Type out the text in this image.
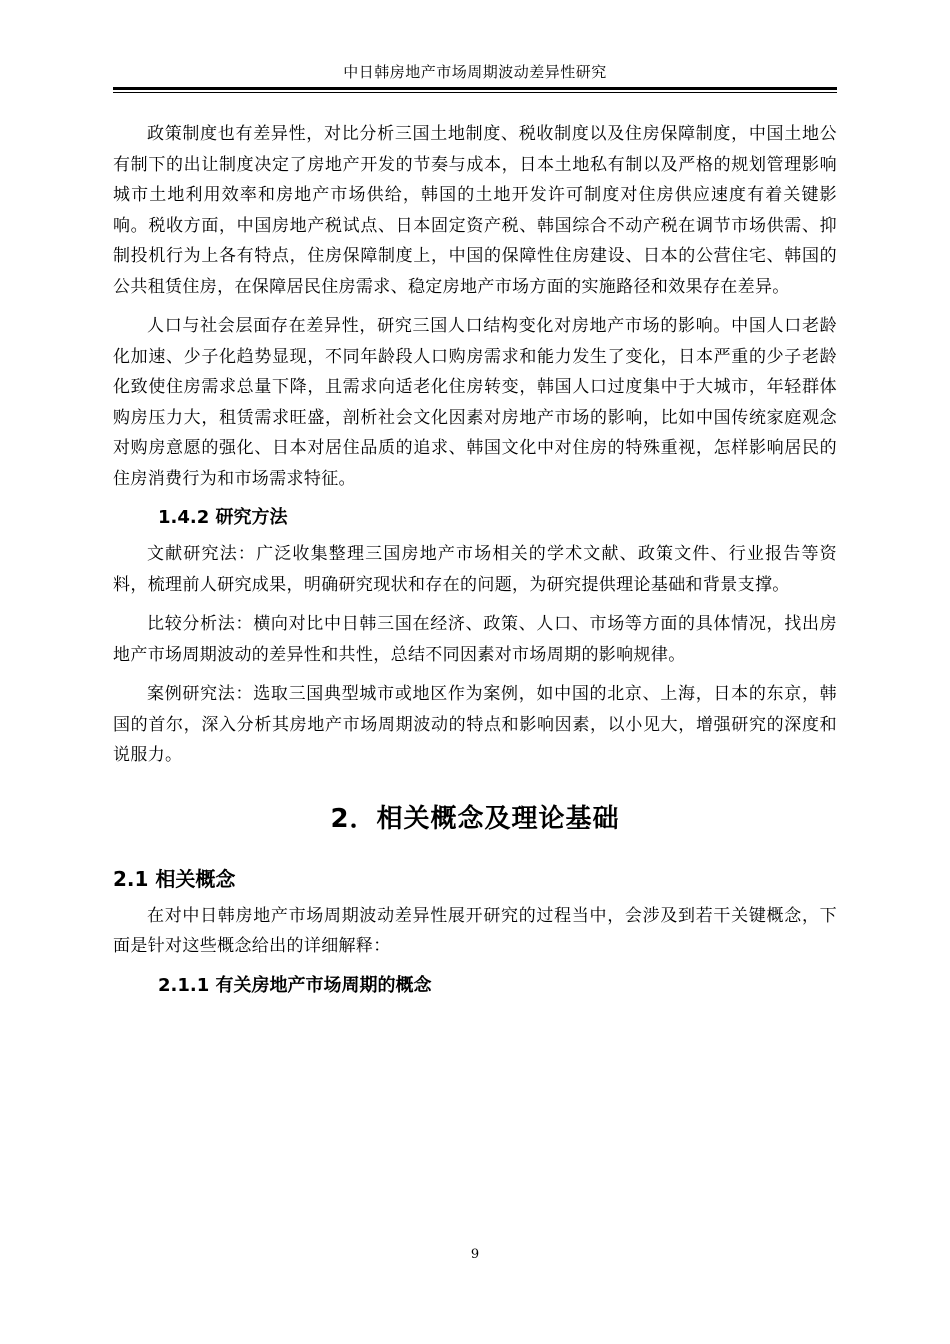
中日韩房地产市场周期波动差异性研究

政策制度也有差异性，对比分析三国土地制度、税收制度以及住房保障制度，中国土地公有制下的出让制度决定了房地产开发的节奏与成本，日本土地私有制以及严格的规划管理影响城市土地利用效率和房地产市场供给，韩国的土地开发许可制度对住房供应速度有着关键影响。税收方面，中国房地产税试点、日本固定资产税、韩国综合不动产税在调节市场供需、抑制投机行为上各有特点，住房保障制度上，中国的保障性住房建设、日本的公营住宅、韩国的公共租赁住房，在保障居民住房需求、稳定房地产市场方面的实施路径和效果存在差异。

人口与社会层面存在差异性，研究三国人口结构变化对房地产市场的影响。中国人口老龄化加速、少子化趋势显现，不同年龄段人口购房需求和能力发生了变化，日本严重的少子老龄化致使住房需求总量下降，且需求向适老化住房转变，韩国人口过度集中于大城市，年轻群体购房压力大，租赁需求旺盛，剖析社会文化因素对房地产市场的影响，比如中国传统家庭观念对购房意愿的强化、日本对居住品质的追求、韩国文化中对住房的特殊重视，怎样影响居民的住房消费行为和市场需求特征。

1.4.2 研究方法

文献研究法：广泛收集整理三国房地产市场相关的学术文献、政策文件、行业报告等资料，梳理前人研究成果，明确研究现状和存在的问题，为研究提供理论基础和背景支撑。

比较分析法：横向对比中日韩三国在经济、政策、人口、市场等方面的具体情况，找出房地产市场周期波动的差异性和共性，总结不同因素对市场周期的影响规律。

案例研究法：选取三国典型城市或地区作为案例，如中国的北京、上海，日本的东京，韩国的首尔，深入分析其房地产市场周期波动的特点和影响因素，以小见大，增强研究的深度和说服力。

2．相关概念及理论基础
2.1 相关概念

在对中日韩房地产市场周期波动差异性展开研究的过程当中，会涉及到若干关键概念，下面是针对这些概念给出的详细解释：

2.1.1 有关房地产市场周期的概念
9
